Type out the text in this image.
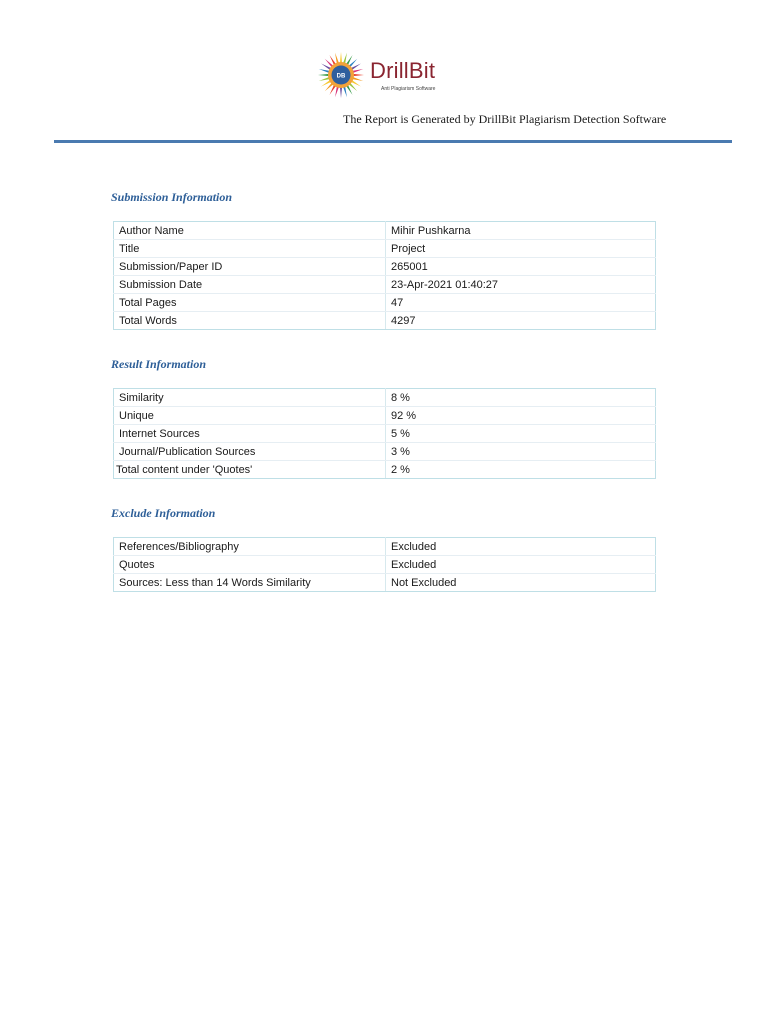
DB DrillBit
Anti Plagiarism Software
The Report is Generated by DrillBit Plagiarism Detection Software
Submission Information
Author Name	Mihir Pushkarna
Title	Project
Submission/Paper ID	265001
Submission Date	23-Apr-2021 01:40:27
Total Pages	47
Total Words	4297
Result Information
Similarity	8 %
Unique	92 %
Internet Sources	5 %
Journal/Publication Sources	3 %
Total content under 'Quotes'	2 %
Exclude Information
References/Bibliography	Excluded
Quotes	Excluded
Sources: Less than 14 Words Similarity	Not Excluded
